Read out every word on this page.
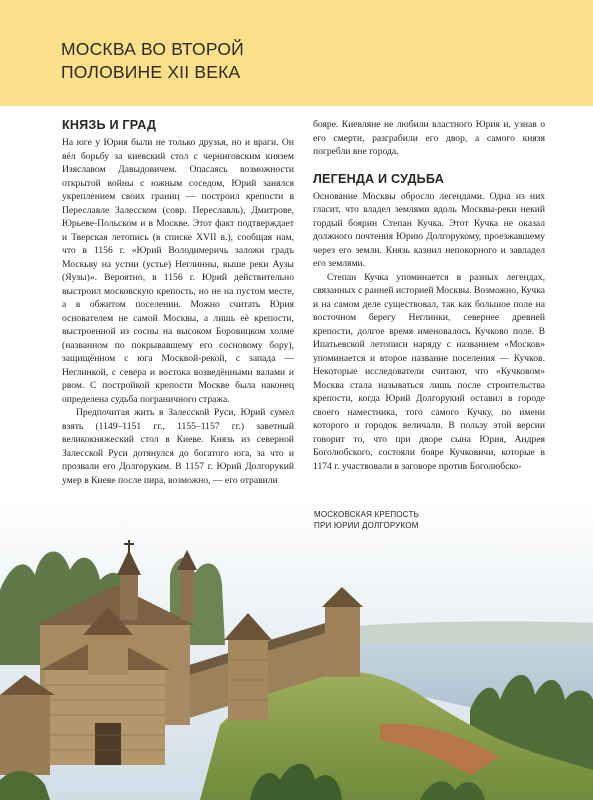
МОСКВА ВО ВТОРОЙ
ПОЛОВИНЕ XII ВЕКА
КНЯЗЬ И ГРАД

На юге у Юрия были не только друзья, но и враги. Он вёл борьбу за киевский стол с черниговским князем Изяславом Давыдовичем. Опасаясь возможности открытой войны с южным соседом, Юрий занялся укреплением своих границ — построил крепости в Переславле Залесском (совр. Переславль), Дмитрове, Юрьеве-Польском и в Москве. Этот факт подтверждает и Тверская летопись (в списке XVII в.), сообщая нам, что в 1156 г. «Юрий Володимеричь заложи градъ Москьву на устии (устье) Неглинны, выше реки Аузы (Яузы)». Вероятно, в 1156 г. Юрий действительно выстроил московскую крепость, но не на пустом месте, а в обжитом поселении. Можно считать Юрия основателем не самой Москвы, а лишь её крепости, выстроенной из сосны на высоком Боровицком холме (названном по покрывавшему его сосновому бору), защищённом с юга Москвой-рекой, с запада — Неглинкой, с севера и востока возведёнными валами и рвом. С постройкой крепости Москве была наконец определена судьба пограничного стража.

Предпочитая жить в Залесской Руси, Юрий сумел взять (1149–1151 гг., 1155–1157 гг.) заветный великокняжеский стол в Киеве. Князь из северной Залесской Руси дотянулся до богатого юга, за что и прозвали его Долгоруким. В 1157 г. Юрий Долгорукий умер в Киеве после пира, возможно, — его отравили

бояре. Киевляне не любили властного Юрия и, узнав о его смерти, разграбили его двор, а самого князя погребли вне города.

ЛЕГЕНДА И СУДЬБА

Основание Москвы обросло легендами. Одна из них гласит, что владел землями вдоль Москвы-реки некий гордый боярин Степан Кучка. Этот Кучка не оказал должного почтения Юрию Долгорукому, проезжавшему через его земли. Князь казнил непокорного и завладел его землями.

Степан Кучка упоминается в разных легендах, связанных с ранней историей Москвы. Возможно, Кучка и на самом деле существовал, так как большое поле на восточном берегу Неглинки, севернее древней крепости, долгое время именовалось Кучково поле. В Ипатьевской летописи наряду с названием «Москов» упоминается и второе название поселения — Кучков. Некоторые исследователи считают, что «Кучковом» Москва стала называться лишь после строительства крепости, когда Юрий Долгорукий оставил в городе своего наместника, того самого Кучку, по имени которого и городок величали. В пользу этой версии говорит то, что при дворе сына Юрия, Андрея Боголюбского, состояли бояре Кучковичи, которые в 1174 г. участвовали в заговоре против Боголюбско-

МОСКОВСКАЯ КРЕПОСТЬ
ПРИ ЮРИИ ДОЛГОРУКОМ
